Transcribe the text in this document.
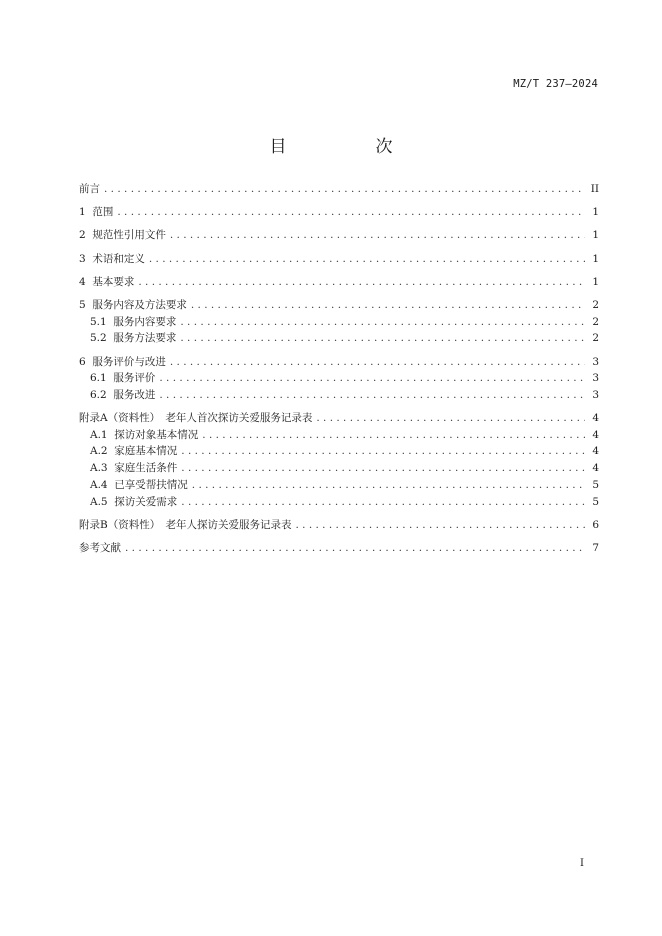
MZ/T 237—2024
目　次
前言 . . .	II
1  范围 . . .	1
2  规范性引用文件 . . .	1
3  术语和定义 . . .	1
4  基本要求 . . .	1
5  服务内容及方法要求 . . .	2
5.1  服务内容要求 . . .	2
5.2  服务方法要求 . . .	2
6  服务评价与改进 . . .	3
6.1  服务评价 . . .	3
6.2  服务改进 . . .	3
附录A（资料性）　老年人首次探访关爱服务记录表 . . .	4
A.1  探访对象基本情况 . . .	4
A.2  家庭基本情况 . . .	4
A.3  家庭生活条件 . . .	4
A.4  已享受帮扶情况 . . .	5
A.5  探访关爱需求 . . .	5
附录B（资料性）　老年人探访关爱服务记录表 . . .	6
参考文献 . . .	7
I
